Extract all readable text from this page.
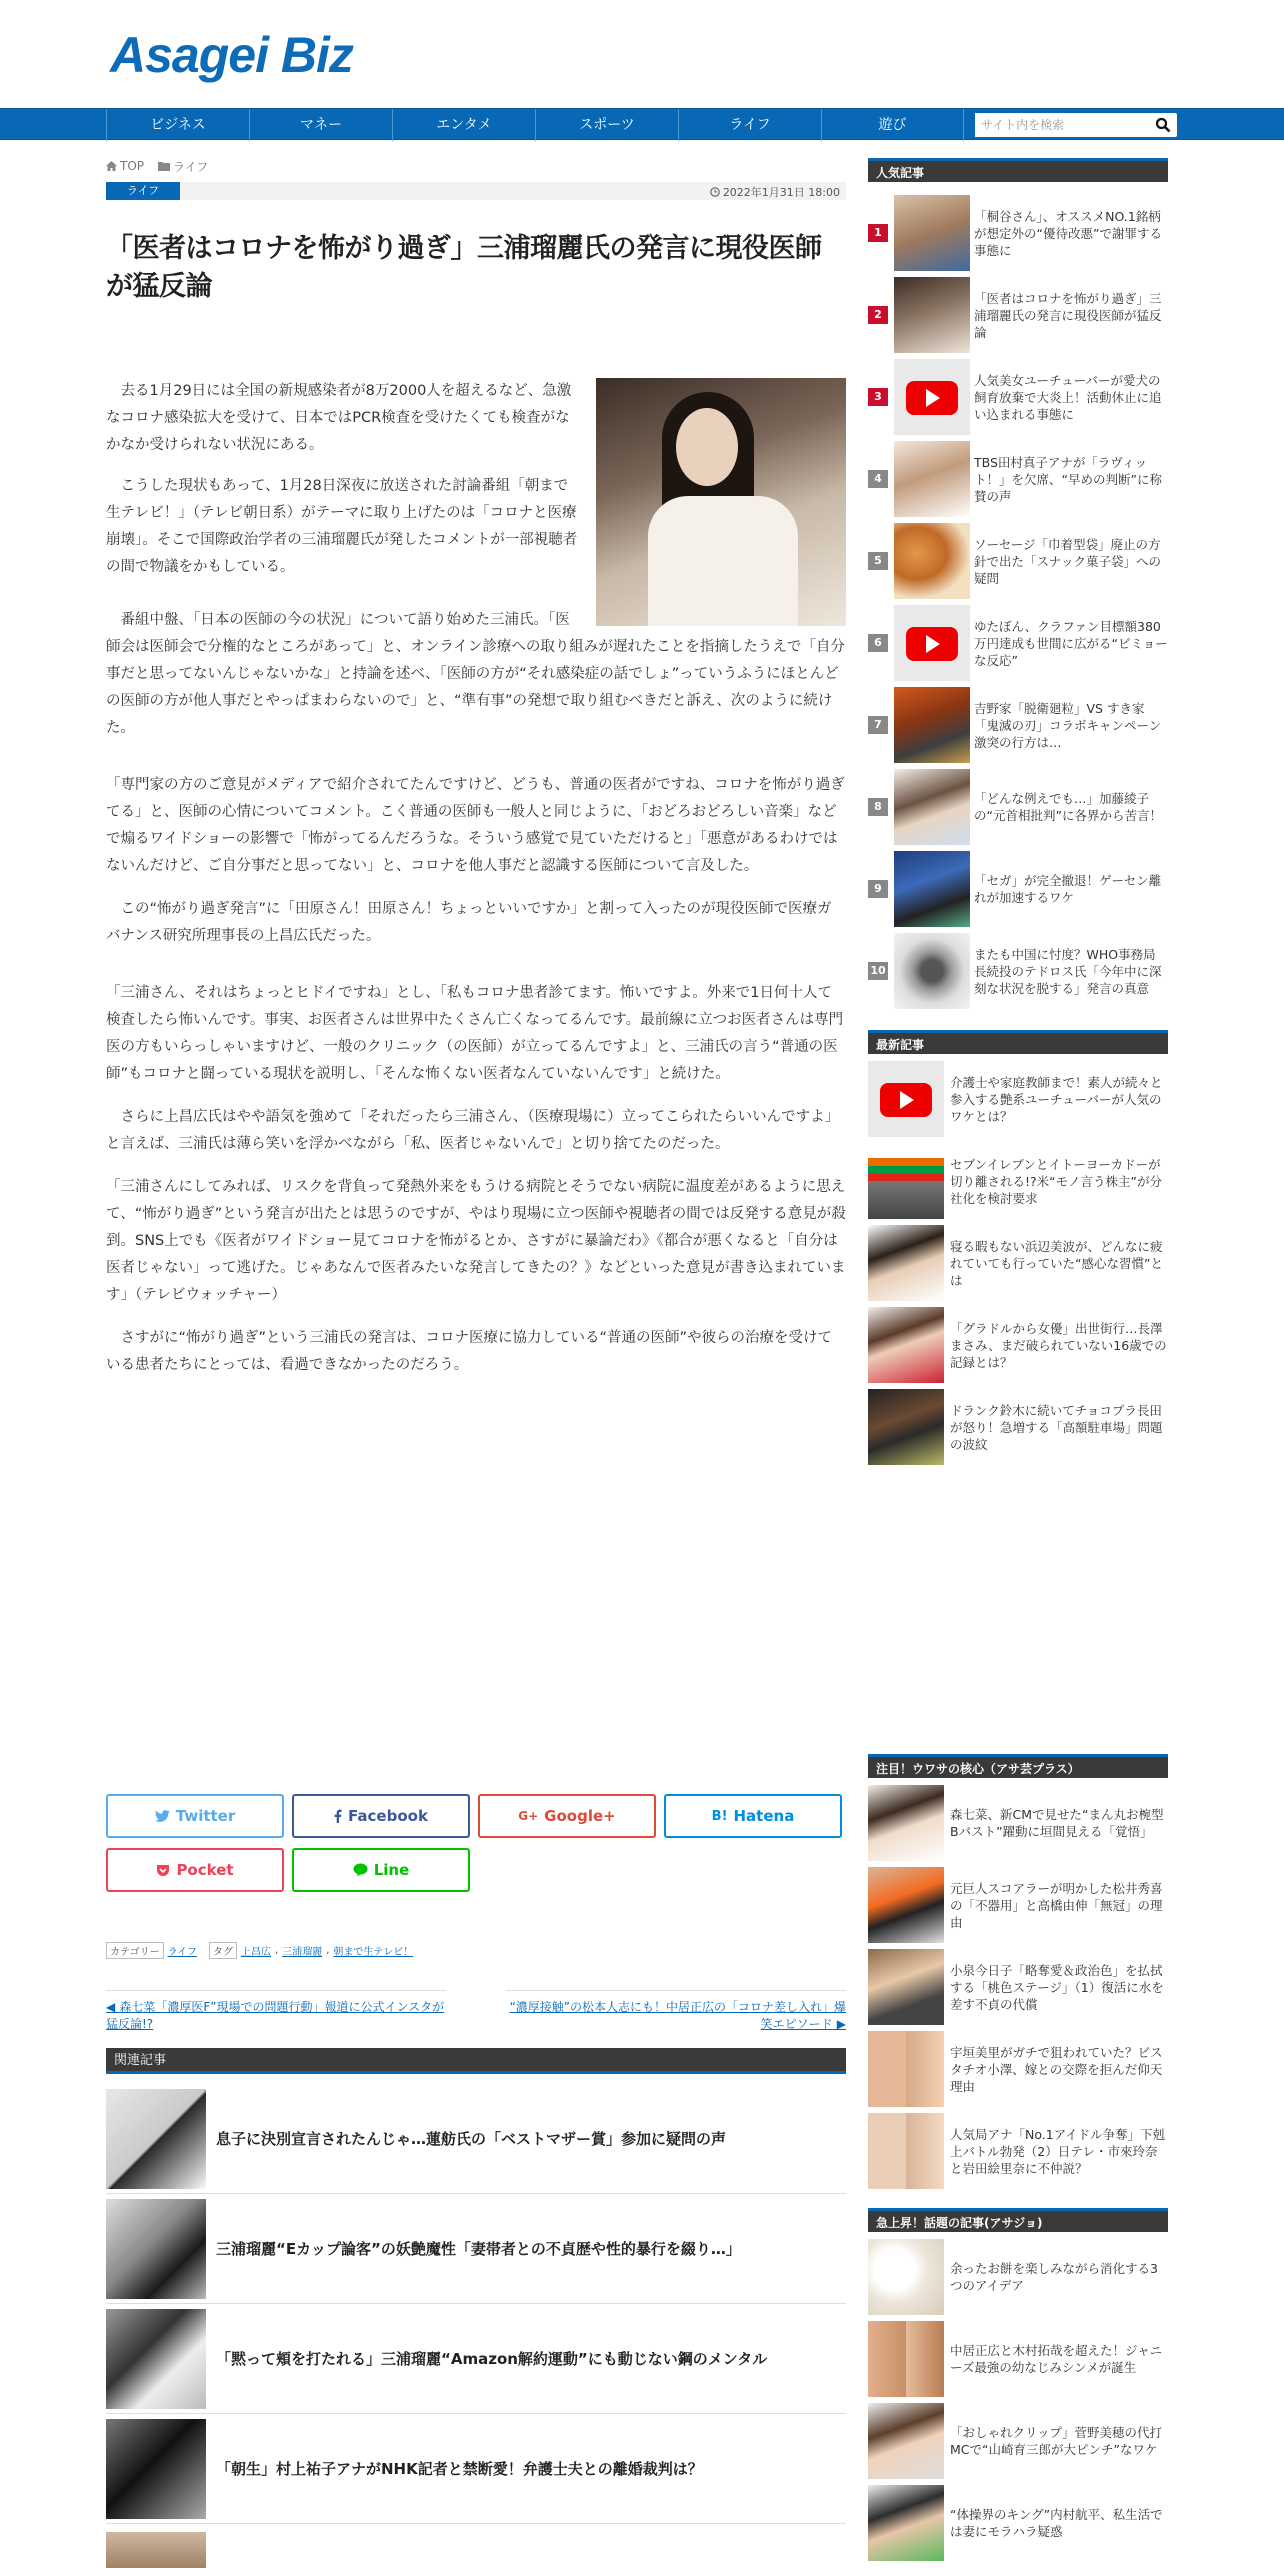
Asagei Biz
ビジネス	マネー	エンタメ	スポーツ	ライフ	遊び
サイト内を検索
TOP ライフ
ライフ	2022年1月31日 18:00
「医者はコロナを怖がり過ぎ」三浦瑠麗氏の発言に現役医師が猛反論

去る1月29日には全国の新規感染者が8万2000人を超えるなど、急激なコロナ感染拡大を受けて、日本ではPCR検査を受けたくても検査がなかなか受けられない状況にある。

こうした現状もあって、1月28日深夜に放送された討論番組「朝まで生テレビ！」（テレビ朝日系）がテーマに取り上げたのは「コロナと医療崩壊」。そこで国際政治学者の三浦瑠麗氏が発したコメントが一部視聴者の間で物議をかもしている。

番組中盤、「日本の医師の今の状況」について語り始めた三浦氏。「医師会は医師会で分権的なところがあって」と、オンライン診療への取り組みが遅れたことを指摘したうえで「自分事だと思ってないんじゃないかな」と持論を述べ、「医師の方が“それ感染症の話でしょ”っていうふうにほとんどの医師の方が他人事だとやっぱまわらないので」と、“準有事”の発想で取り組むべきだと訴え、次のように続けた。

「専門家の方のご意見がメディアで紹介されてたんですけど、どうも、普通の医者がですね、コロナを怖がり過ぎてる」と、医師の心情についてコメント。こく普通の医師も一般人と同じように、「おどろおどろしい音楽」などで煽るワイドショーの影響で「怖がってるんだろうな。そういう感覚で見ていただけると」「悪意があるわけではないんだけど、ご自分事だと思ってない」と、コロナを他人事だと認識する医師について言及した。

この“怖がり過ぎ発言”に「田原さん！田原さん！ちょっといいですか」と割って入ったのが現役医師で医療ガバナンス研究所理事長の上昌広氏だった。

「三浦さん、それはちょっとヒドイですね」とし、「私もコロナ患者診てます。怖いですよ。外来で1日何十人て検査したら怖いんです。事実、お医者さんは世界中たくさん亡くなってるんです。最前線に立つお医者さんは専門医の方もいらっしゃいますけど、一般のクリニック（の医師）が立ってるんですよ」と、三浦氏の言う“普通の医師”もコロナと闘っている現状を説明し、「そんな怖くない医者なんていないんです」と続けた。

さらに上昌広氏はやや語気を強めて「それだったら三浦さん、（医療現場に）立ってこられたらいいんですよ」と言えば、三浦氏は薄ら笑いを浮かべながら「私、医者じゃないんで」と切り捨てたのだった。

「三浦さんにしてみれば、リスクを背負って発熱外来をもうける病院とそうでない病院に温度差があるように思えて、“怖がり過ぎ”という発言が出たとは思うのですが、やはり現場に立つ医師や視聴者の間では反発する意見が殺到。SNS上でも《医者がワイドショー見てコロナを怖がるとか、さすがに暴論だわ》《都合が悪くなると「自分は医者じゃない」って逃げた。じゃあなんで医者みたいな発言してきたの？》などといった意見が書き込まれています」（テレビウォッチャー）

さすがに“怖がり過ぎ”という三浦氏の発言は、コロナ医療に協力している“普通の医師”や彼らの治療を受けている患者たちにとっては、看過できなかったのだろう。

Twitter	Facebook	G+ Google+	B! Hatena
Pocket	Line
カテゴリー ライフ	タグ 上昌広 , 三浦瑠麗 , 朝まで生テレビ！
◀ 森七菜「濃厚医F”現場での問題行動」報道に公式インスタが猛反論!?
“濃厚接触”の松本人志にも！中居正広の「コロナ差し入れ」爆笑エピソード ▶
関連記事
息子に決別宣言されたんじゃ…蓮舫氏の「ベストマザー賞」参加に疑問の声
三浦瑠麗“Eカップ論客”の妖艶魔性「妻帯者との不貞歴や性的暴行を綴り…」
「黙って頬を打たれる」三浦瑠麗“Amazon解約運動”にも動じない鋼のメンタル
「朝生」村上祐子アナがNHK記者と禁断愛！弁護士夫との離婚裁判は？
人気記事
1
「桐谷さん」、オススメNO.1銘柄が想定外の“優待改悪”で謝罪する事態に
2
「医者はコロナを怖がり過ぎ」三浦瑠麗氏の発言に現役医師が猛反論
3
人気美女ユーチューバーが愛犬の飼育放棄で大炎上！活動休止に追い込まれる事態に
4
TBS田村真子アナが「ラヴィット！」を欠席、“早めの判断”に称賛の声
5
ソーセージ「巾着型袋」廃止の方針で出た「スナック菓子袋」への疑問
6
ゆたぼん、クラファン目標額380万円達成も世間に広がる“ビミョーな反応”
7
吉野家「脱衛廻粒」VS すき家「鬼滅の刃」コラボキャンペーン激突の行方は…
8
「どんな例えでも…」加藤綾子の“元首相批判”に各界から苦言！
9
「セガ」が完全撤退！ゲーセン離れが加速するワケ
10
またも中国に忖度？WHO事務局長続投のテドロス氏「今年中に深刻な状況を脱する」発言の真意
最新記事
介護士や家庭教師まで！素人が続々と参入する艶系ユーチューバーが人気のワケとは？
セブンイレブンとイトーヨーカドーが切り離される!?米“モノ言う株主”が分社化を検討要求
寝る暇もない浜辺美波が、どんなに疲れていても行っていた“感心な習慣”とは
「グラドルから女優」出世街行…長澤まさみ、まだ破られていない16歳での記録とは？
ドランク鈴木に続いてチョコプラ長田が怒り！急増する「高額駐車場」問題の波紋
注目！ウワサの核心（アサ芸プラス）
森七菜、新CMで見せた“まん丸お椀型Bバスト”躍動に垣間見える「覚悟」
元巨人スコアラーが明かした松井秀喜の「不器用」と高橋由伸「無冠」の理由
小泉今日子「略奪愛＆政治色」を払拭する「桃色ステージ」（1）復活に水を差す不貞の代償
宇垣美里がガチで狙われていた？ビスタチオ小澤、嫁との交際を拒んだ仰天理由
人気局アナ「No.1アイドル争奪」下剋上バトル勃発（2）日テレ・市來玲奈と岩田絵里奈に不仲説？
急上昇！話題の記事(アサジョ)
余ったお餅を楽しみながら消化する3つのアイデア
中居正広と木村拓哉を超えた！ジャニーズ最強の幼なじみシンメが誕生
「おしゃれクリップ」菅野美穂の代打MCで“山崎育三郎が大ピンチ”なワケ
“体操界のキング”内村航平、私生活では妻にモラハラ疑惑
